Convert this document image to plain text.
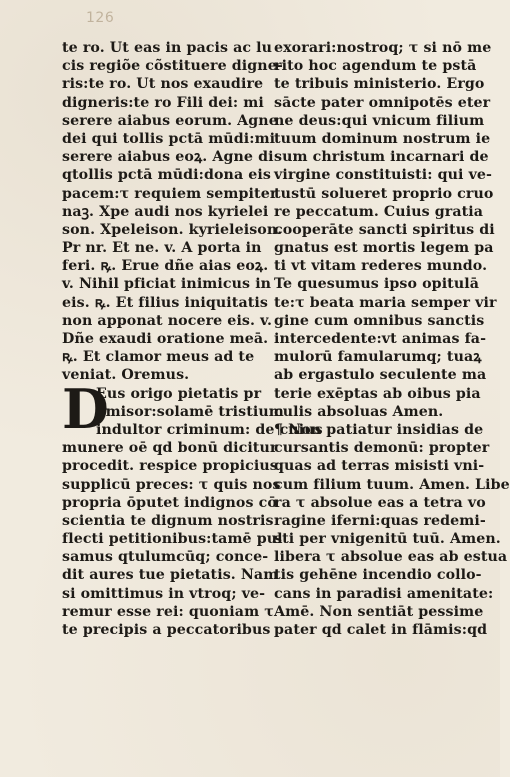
126
te ro. Ut eas in pacis ac lu
cis regiõe cõstituere digne-
ris:te ro. Ut nos exaudire
digneris:te ro Fili dei: mi
serere aiabus eorum. Agne
dei qui tollis pctā mūdi:mi
serere aiabus eoꝝ. Agne di
qtollis pctā mūdi:dona eis
pacem:τ requiem sempiter
naꝫ. Xpe audi nos kyrielei
son. Xpeleison. kyrieleison.
Pr nr. Et ne. v. A porta in
feri. ꝶ. Erue dñe aias eoꝝ.
v. Nihil pficiat inimicus in
eis. ꝶ. Et filius iniquitatis
non apponat nocere eis. v.
Dñe exaudi oratione meā.
ꝶ. Et clamor meus ad te
veniat. Oremus.
D
Eus origo pietatis pr
omisor:solamē tristium
indultor criminum: de cuius
munere oē qd bonū dicitur
procedit. respice propicius
supplicū preces: τ quis nos
propria ōputet indignos cō
scientia te dignum nostris
flecti petitionibus:tamē pul
samus qtulumcūq; conce-
dit aures tue pietatis. Nam
si omittimus in vtroq; ve-
remur esse rei: quoniam τ
te precipis a peccatoribus
exorari:nostroq; τ si nō me
rito hoc agendum te pstā
te tribuis ministerio. Ergo
sācte pater omnipotēs eter
ne deus:qui vnicum filium
tuum dominum nostrum ie
sum christum incarnari de
virgine constituisti: qui ve-
tustū solueret proprio cruo
re peccatum. Cuius gratia
cooperāte sancti spiritus di
gnatus est mortis legem pa
ti vt vitam rederes mundo.
Te quesumus ipso opitulā
te:τ beata maria semper vir
gine cum omnibus sanctis
intercedente:vt animas fa-
mulorū famularumq; tuaꝝ
ab ergastulo seculente ma
terie exēptas ab oibus pia
culis absoluas Amen.
¶ Non patiatur insidias de
cursantis demonū: propter
quas ad terras misisti vni-
cum filium tuum. Amen. Libe
ra τ absolue eas a tetra vo
ragine iferni:quas redemi-
sti per vnigenitū tuū. Amen.
libera τ absolue eas ab estua
tis gehēne incendio collo-
cans in paradisi amenitate:
Amē. Non sentiāt pessime
pater qd calet in flāmis:qd
